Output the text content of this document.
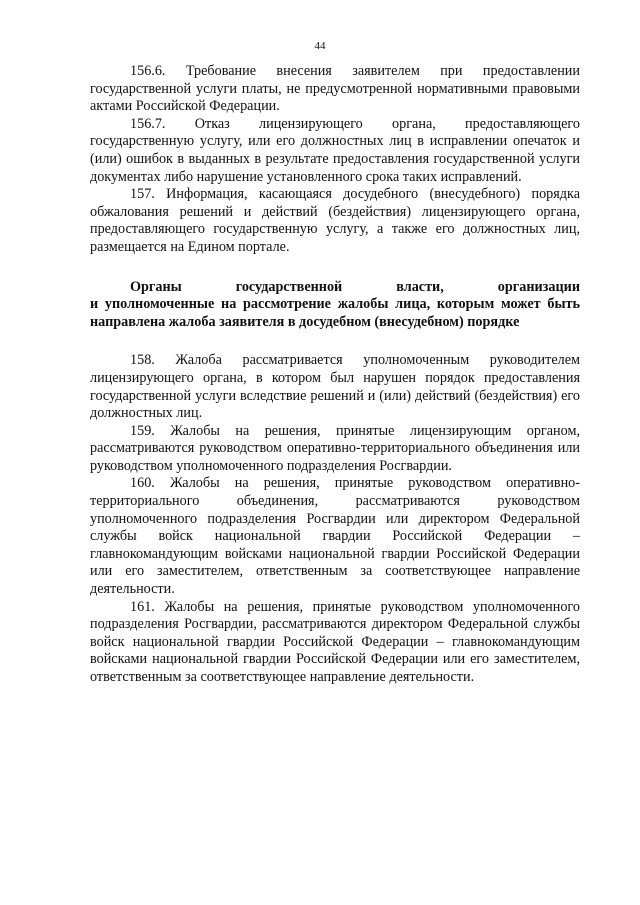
44

156.6. Требование внесения заявителем при предоставлении государственной услуги платы, не предусмотренной нормативными правовыми актами Российской Федерации.

156.7. Отказ лицензирующего органа, предоставляющего государственную услугу, или его должностных лиц в исправлении опечаток и (или) ошибок в выданных в результате предоставления государственной услуги документах либо нарушение установленного срока таких исправлений.

157. Информация, касающаяся досудебного (внесудебного) порядка обжалования решений и действий (бездействия) лицензирующего органа, предоставляющего государственную услугу, а также его должностных лиц, размещается на Едином портале.

Органы государственной власти, организации
и уполномоченные на рассмотрение жалобы лица, которым может быть направлена жалоба заявителя в досудебном (внесудебном) порядке

158. Жалоба рассматривается уполномоченным руководителем лицензирующего органа, в котором был нарушен порядок предоставления государственной услуги вследствие решений и (или) действий (бездействия) его должностных лиц.

159. Жалобы на решения, принятые лицензирующим органом, рассматриваются руководством оперативно-территориального объединения или руководством уполномоченного подразделения Росгвардии.

160. Жалобы на решения, принятые руководством оперативно-территориального объединения, рассматриваются руководством уполномоченного подразделения Росгвардии или директором Федеральной службы войск национальной гвардии Российской Федерации – главнокомандующим войсками национальной гвардии Российской Федерации или его заместителем, ответственным за соответствующее направление деятельности.

161. Жалобы на решения, принятые руководством уполномоченного подразделения Росгвардии, рассматриваются директором Федеральной службы войск национальной гвардии Российской Федерации – главнокомандующим войсками национальной гвардии Российской Федерации или его заместителем, ответственным за соответствующее направление деятельности.
